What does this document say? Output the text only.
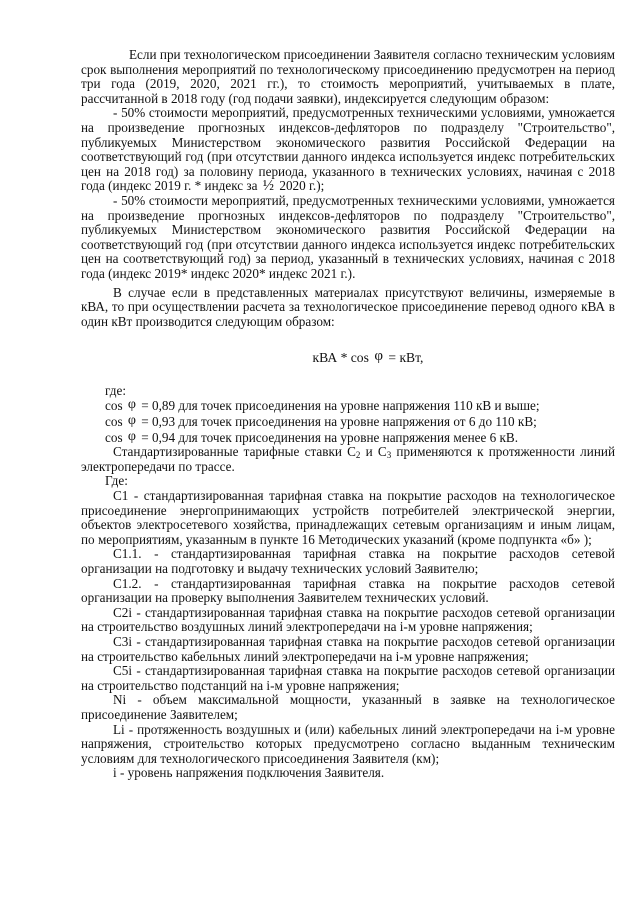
Если при технологическом присоединении Заявителя согласно техническим условиям срок выполнения мероприятий по технологическому присоединению предусмотрен на период три года (2019, 2020, 2021 гг.), то стоимость мероприятий, учитываемых в плате, рассчитанной в 2018 году (год подачи заявки), индексируется следующим образом:

- 50% стоимости мероприятий, предусмотренных техническими условиями, умножается на произведение прогнозных индексов-дефляторов по подразделу "Строительство", публикуемых Министерством экономического развития Российской Федерации на соответствующий год (при отсутствии данного индекса используется индекс потребительских цен на 2018 год) за половину периода, указанного в технических условиях, начиная с 2018 года (индекс 2019 г. * индекс за ½ 2020 г.);

- 50% стоимости мероприятий, предусмотренных техническими условиями, умножается на произведение прогнозных индексов-дефляторов по подразделу "Строительство", публикуемых Министерством экономического развития Российской Федерации на соответствующий год (при отсутствии данного индекса используется индекс потребительских цен на соответствующий год) за период, указанный в технических условиях, начиная с 2018 года (индекс 2019* индекс 2020* индекс 2021 г.).

В случае если в представленных материалах присутствуют величины, измеряемые в кВА, то при осуществлении расчета за технологическое присоединение перевод одного кВА в один кВт производится следующим образом:

кВА * cos φ = кВт,

где:

cos φ = 0,89 для точек присоединения на уровне напряжения 110 кВ и выше;

cos φ = 0,93 для точек присоединения на уровне напряжения от 6 до 110 кВ;

cos φ = 0,94 для точек присоединения на уровне напряжения менее 6 кВ.

Стандартизированные тарифные ставки $С_2$ и $С_3$ применяются к протяженности линий электропередачи по трассе.

Где:

С1 - стандартизированная тарифная ставка на покрытие расходов на технологическое присоединение энергопринимающих устройств потребителей электрической энергии, объектов электросетевого хозяйства, принадлежащих сетевым организациям и иным лицам, по мероприятиям, указанным в пункте 16 Методических указаний (кроме подпункта «б» );

С1.1. - стандартизированная тарифная ставка на покрытие расходов сетевой организации на подготовку и выдачу технических условий Заявителю;

С1.2. - стандартизированная тарифная ставка на покрытие расходов сетевой организации на проверку выполнения Заявителем технических условий.

С2i - стандартизированная тарифная ставка на покрытие расходов сетевой организации на строительство воздушных линий электропередачи на i-м уровне напряжения;

С3i - стандартизированная тарифная ставка на покрытие расходов сетевой организации на строительство кабельных линий электропередачи на i-м уровне напряжения;

С5i - стандартизированная тарифная ставка на покрытие расходов сетевой организации на строительство подстанций на i-м уровне напряжения;

Ni - объем максимальной мощности, указанный в заявке на технологическое присоединение Заявителем;

Li - протяженность воздушных и (или) кабельных линий электропередачи на i-м уровне напряжения, строительство которых предусмотрено согласно выданным техническим условиям для технологического присоединения Заявителя (км);

i - уровень напряжения подключения Заявителя.
